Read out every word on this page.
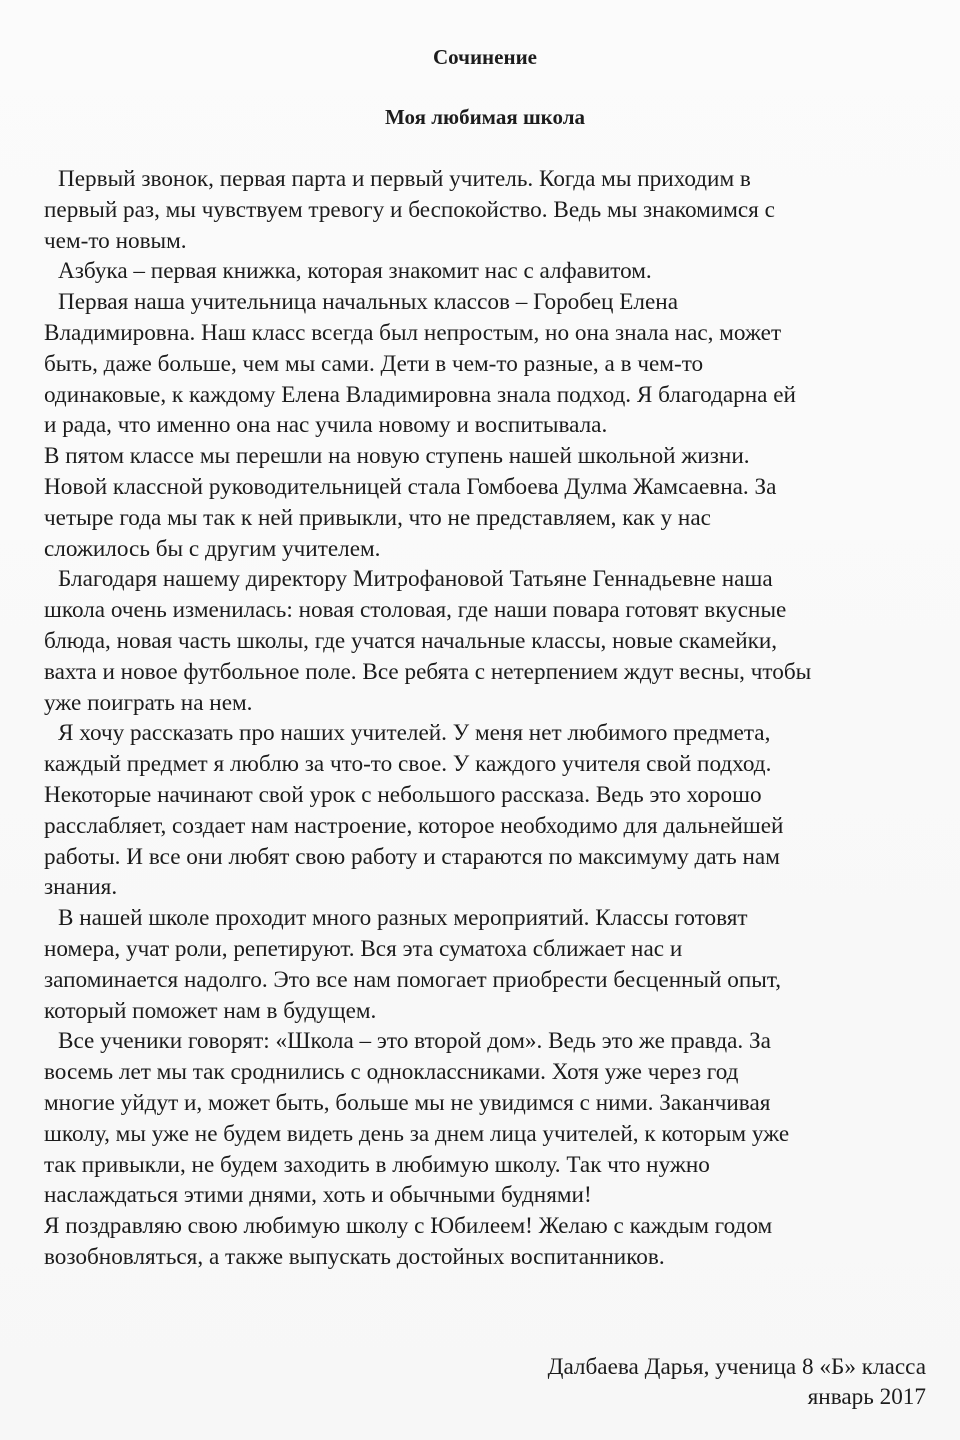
Сочинение
Моя любимая школа
Первый звонок, первая парта и первый учитель. Когда мы приходим в
первый раз, мы чувствуем тревогу и беспокойство. Ведь мы знакомимся с
чем-то новым.
Азбука – первая книжка, которая знакомит нас с алфавитом.
Первая наша учительница начальных классов – Горобец Елена
Владимировна. Наш класс всегда был непростым, но она знала нас, может
быть, даже больше, чем мы сами. Дети в чем-то разные, а в чем-то
одинаковые, к каждому Елена Владимировна знала подход. Я благодарна ей
и рада, что именно она нас учила новому и воспитывала.
В пятом классе мы перешли на новую ступень нашей школьной жизни.
Новой классной руководительницей стала Гомбоева Дулма Жамсаевна. За
четыре года мы так к ней привыкли, что не представляем, как у нас
сложилось бы с другим учителем.
Благодаря нашему директору Митрофановой Татьяне Геннадьевне наша
школа очень изменилась: новая столовая, где наши повара готовят вкусные
блюда, новая часть школы, где учатся начальные классы, новые скамейки,
вахта и новое футбольное поле. Все ребята с нетерпением ждут весны, чтобы
уже поиграть на нем.
Я хочу рассказать про наших учителей. У меня нет любимого предмета,
каждый предмет я люблю за что-то свое. У каждого учителя свой подход.
Некоторые начинают свой урок с небольшого рассказа. Ведь это хорошо
расслабляет, создает нам настроение, которое необходимо для дальнейшей
работы. И все они любят свою работу и стараются по максимуму дать нам
знания.
В нашей школе проходит много разных мероприятий. Классы готовят
номера, учат роли, репетируют. Вся эта суматоха сближает нас и
запоминается надолго. Это все нам помогает приобрести бесценный опыт,
который поможет нам в будущем.
Все ученики говорят: «Школа – это второй дом». Ведь это же правда. За
восемь лет мы так сроднились с одноклассниками. Хотя уже через год
многие уйдут и, может быть, больше мы не увидимся с ними. Заканчивая
школу, мы уже не будем видеть день за днем лица учителей, к которым уже
так привыкли, не будем заходить в любимую школу. Так что нужно
наслаждаться этими днями, хоть и обычными буднями!
Я поздравляю свою любимую школу с Юбилеем! Желаю с каждым годом
возобновляться, а также выпускать достойных воспитанников.
Далбаева Дарья, ученица 8 «Б» класса
январь 2017
